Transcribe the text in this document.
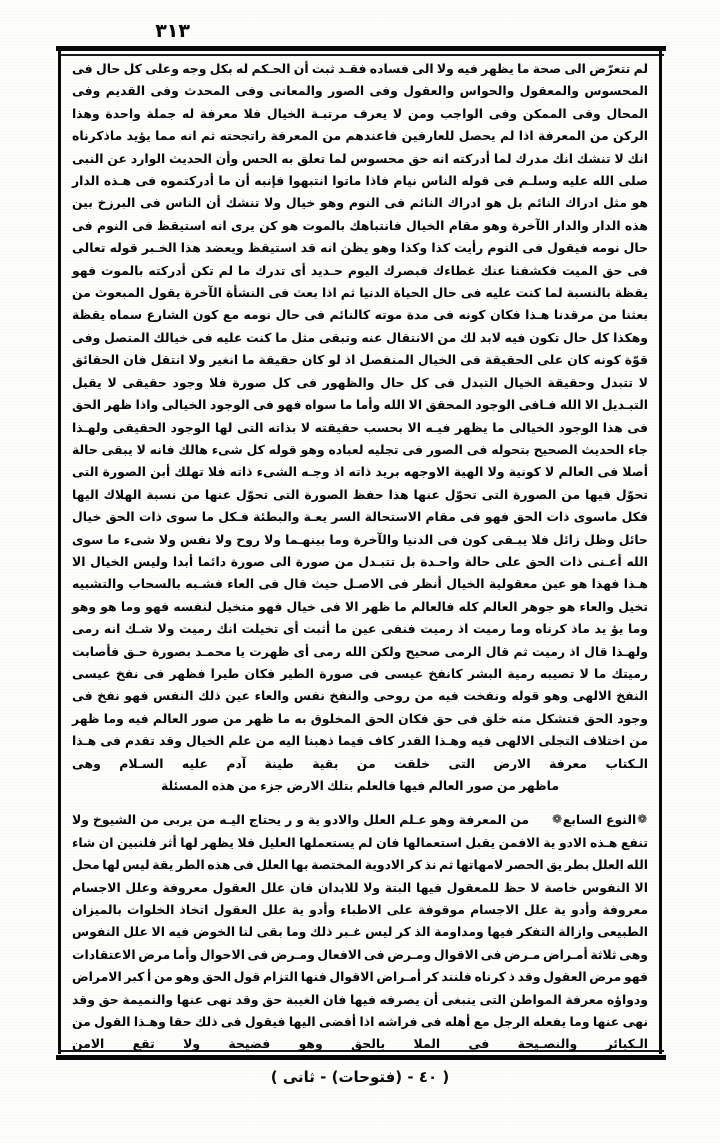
٣١٣
لم تتعرّض الى صحة ما يظهر فيه ولا الى فساده فقـد ثبت أن الحـكم له بكل وجه وعلى كل حال فى المحسوس والمعقول والحواس والعقول وفى الصور والمعانى وفى المحدث وفى القديم وفى المحال وفى الممكن وفى الواجب ومن لا يعرف مرتبـة الخيال فلا معرفة له جملة واحدة وهذا الركن من المعرفة اذا لم يحصل للعارفين فاعندهم من المعرفة راتجحته ثم انه مما يؤيد ماذكرناه انك لا تنشك انك مدرك لما أدركته انه حق محسوس لما تعلق به الحس وأن الحديث الوارد عن النبى صلى الله عليه وسلـم فى قوله الناس نيام فاذا ماتوا انتبهوا فإنبه أن ما أدركتموه فى هـذه الدار هو مثل ادراك النائم بل هو ادراك النائم فى النوم وهو خيال ولا تنشك أن الناس فى البرزخ بين هذه الدار والدار الآخرة وهو مقام الخيال فانتباهك بالموت هو كن يرى انه استيقظ فى النوم فى حال نومه فيقول فى النوم رأيت كذا وكذا وهو يظن انه قد استيقظ ويعضد هذا الخـبر قوله تعالى فى حق الميت فكشفنا عنك غطاءك فبصرك اليوم حـديد أى تدرك ما لم تكن أدركته بالموت فهو يقظة بالنسبة لما كنت عليه فى حال الحياة الدنيا ثم اذا بعث فى النشأة الآخرة يقول المبعوث من بعثنا من مرقدنا هـذا فكان كونه فى مدة موته كالنائم فى حال نومه مع كون الشارع سماه يقظة وهكذا كل حال تكون فيه لابد لك من الانتقال عنه وتبقى مثل ما كنت عليه فى خيالك المتصل وفى قوّة كونه كان على الحقيقة فى الخيال المنفصل اذ لو كان حقيقة ما انغير ولا انتقل فان الحقائق لا تتبدل وحقيقة الخيال التبدل فى كل حال والظهور فى كل صورة فلا وجود حقيقى لا يقبل التبـديل الا الله فـافى الوجود المحقق الا الله وأما ما سواه فهو فى الوجود الخيالى واذا ظهر الحق فى هذا الوجود الخيالى ما يظهر فيـه الا بحسب حقيقته لا بذاته التى لها الوجود الحقيقى ولهـذا جاء الحديث الصحيح بتحوله فى الصور فى تجليه لعباده وهو قوله كل شىء هالك فانه لا يبقى حالة أصلا فى العالم لا كونية ولا الهية الاوجهه بريد ذاته اذ وجـه الشىء ذاته فلا تهلك أبن الصورة التى تحوّل فيها من الصورة التى تحوّل عنها هذا حفظ الصورة التى تحوّل عنها من نسبة الهلاك اليها فكل ماسوى ذات الحق فهو فى مقام الاستحالة السر يعـة والبطئة فـكل ما سوى ذات الحق خيال حائل وظل زائل فلا يبـقى كون فى الدنيا والآخرة وما بينهـما ولا روح ولا نفس ولا شىء ما سوى الله أعـنى ذات الحق على حالة واحـدة بل تتبـدل من صورة الى صورة دائما أبدا وليس الخيال الا هـذا فهذا هو عين معقولية الخيال أنظر فى الاصـل حيث قال فى العاء فشـبه بالسحاب والتشبيه تخيل والعاء هو جوهر العالم كله فالعالم ما ظهر الا فى خيال فهو متخيل لنفسه فهو وما هو وهو وما يؤ يد ماذ كرناه وما رميت اذ رميت فنفى عين ما أثبت أى تخيلت انك رميت ولا شـك انه رمى ولهـذا قال اذ رميت ثم قال الرمى صحيح ولكن الله رمى أى ظهرت يا محمـد بصورة حـق فأصابت رميتك ما لا تصيبه رمية البشر كانفخ عيسى فى صورة الطير فكان طيرا فظهر فى نفخ عيسى النفخ الالهى وهو قوله ونفخت فيه من روحى والنفخ نفس والعاء عين ذلك النفس فهو نفخ فى وجود الحق فتشكل منه خلق فى حق فكان الحق المخلوق به ما ظهر من صور العالم فيه وما ظهر من اختلاف التجلى الالهى فيه وهـذا القدر كاف فيما ذهبنا اليه من علم الخيال وقد تقدم فى هـذا الـكتاب معرفة الارض التى خلقت من بقية طينة آدم عليه السـلام وهى
ماظهر من صور العالم فيها فالعلم بتلك الارض جزء من هذه المسئلة
❁النوع السابع❁ من المعرفة وهو عـلم العلل والادو ية و ر يحتاج اليـه من يربى من الشيوخ ولا تنفع هـذه الادو ية الافمن يقبل استعمالها فان لم يستعملها العليل فلا يظهر لها أثر فلنبين ان شاء الله العلل بطر يق الحصر لامهاتها ثم نذ كر الادوية المختصة بها العلل فى هذه الطر يقة ليس لها محل الا النفوس خاصة لا حظ للمعقول فيها البتة ولا للابدان فان علل العقول معروفة وعلل الاجسام معروفة وأدو ية علل الاجسام موقوفة على الاطباء وأدو ية علل العقول اتخاذ الخلوات بالميزان الطبيعى وازالة التفكر فيها ومداومة الذ كر ليس غـبر ذلك وما بقى لنا الخوض فيه الا علل النفوس وهى ثلاثة أمـراض مـرض فى الاقوال ومـرض فى الافعال ومـرض فى الاحوال وأما مرض الاعتقادات فهو مرض العقول وقد ذ كرناه فلنند كر أمـراض الاقوال فنها التزام قول الحق وهو من أ كبر الامراض ودواؤه معرفة المواطن التى ينبغى أن يصرفه فيها فان الغيبة حق وقد نهى عنها والنميمة حق وقد نهى عنها وما يفعله الرجل مع أهله فى فراشه اذا أفضى اليها فيقول فى ذلك حقا وهـذا القول من الـكبائر والنصـيحة فى الملا بالحق وهو فضيحة ولا تقع الامن
( ٤٠ - (فتوحات) - ثانى )
